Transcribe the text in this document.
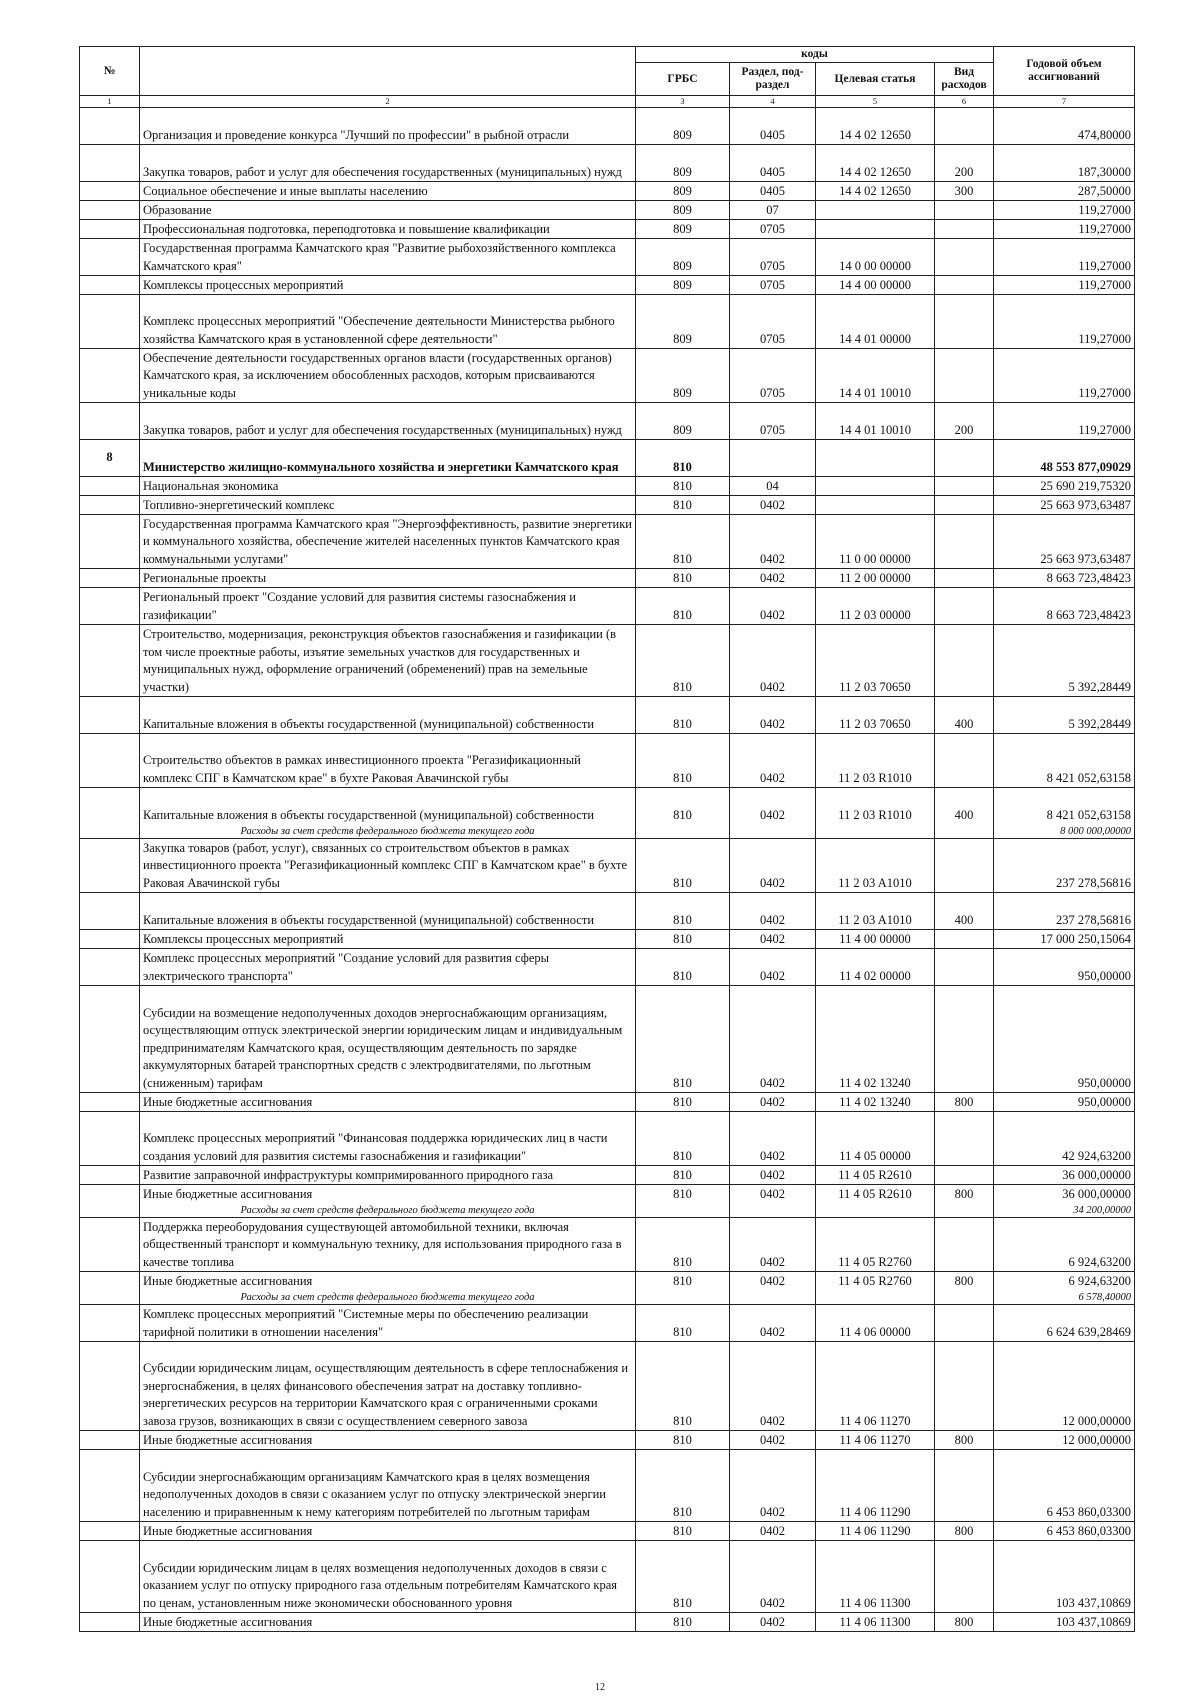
№		коды				Годовой объем ассигнований
		ГРБС	Раздел, под-раздел	Целевая статья	Вид расходов	
1	2	3	4	5	6	7
	Организация и проведение конкурса "Лучший по профессии" в рыбной отрасли	809	0405	14 4 02 12650		474,80000
	Закупка товаров, работ и услуг для обеспечения государственных (муниципальных) нужд	809	0405	14 4 02 12650	200	187,30000
	Социальное обеспечение и иные выплаты населению	809	0405	14 4 02 12650	300	287,50000
	Образование	809	07			119,27000
	Профессиональная подготовка, переподготовка и повышение квалификации	809	0705			119,27000
	Государственная программа Камчатского края "Развитие рыбохозяйственного комплекса Камчатского края"	809	0705	14 0 00 00000		119,27000
	Комплексы процессных мероприятий	809	0705	14 4 00 00000		119,27000
	Комплекс процессных мероприятий "Обеспечение деятельности Министерства рыбного хозяйства Камчатского края в установленной сфере деятельности"	809	0705	14 4 01 00000		119,27000
	Обеспечение деятельности государственных органов власти (государственных органов) Камчатского края, за исключением обособленных расходов, которым присваиваются уникальные коды	809	0705	14 4 01 10010		119,27000
	Закупка товаров, работ и услуг для обеспечения государственных (муниципальных) нужд	809	0705	14 4 01 10010	200	119,27000
8	Министерство жилищно-коммунального хозяйства и энергетики Камчатского края	810				48 553 877,09029
	Национальная экономика	810	04			25 690 219,75320
	Топливно-энергетический комплекс	810	0402			25 663 973,63487
	Государственная программа Камчатского края "Энергоэффективность, развитие энергетики и коммунального хозяйства, обеспечение жителей населенных пунктов Камчатского края коммунальными услугами"	810	0402	11 0 00 00000		25 663 973,63487
	Региональные проекты	810	0402	11 2 00 00000		8 663 723,48423
	Региональный проект "Создание условий для развития системы газоснабжения и газификации"	810	0402	11 2 03 00000		8 663 723,48423
	Строительство, модернизация, реконструкция объектов газоснабжения и газификации (в том числе проектные работы, изъятие земельных участков для государственных и муниципальных нужд, оформление ограничений (обременений) прав на земельные участки)	810	0402	11 2 03 70650		5 392,28449
	Капитальные вложения в объекты государственной (муниципальной) собственности	810	0402	11 2 03 70650	400	5 392,28449
	Строительство объектов в рамках инвестиционного проекта "Регазификационный комплекс СПГ в Камчатском крае" в бухте Раковая Авачинской губы	810	0402	11 2 03 R1010		8 421 052,63158
	Капитальные вложения в объекты государственной (муниципальной) собственности	810	0402	11 2 03 R1010	400	8 421 052,63158
	Расходы за счет средств федерального бюджета текущего года					8 000 000,00000
	Закупка товаров (работ, услуг), связанных со строительством объектов в рамках инвестиционного проекта "Регазификационный комплекс СПГ в Камчатском крае" в бухте Раковая Авачинской губы	810	0402	11 2 03 A1010		237 278,56816
	Капитальные вложения в объекты государственной (муниципальной) собственности	810	0402	11 2 03 A1010	400	237 278,56816
	Комплексы процессных мероприятий	810	0402	11 4 00 00000		17 000 250,15064
	Комплекс процессных мероприятий "Создание условий для развития сферы электрического транспорта"	810	0402	11 4 02 00000		950,00000
	Субсидии на возмещение недополученных доходов энергоснабжающим организациям, осуществляющим отпуск электрической энергии юридическим лицам и индивидуальным предпринимателям Камчатского края, осуществляющим деятельность по зарядке аккумуляторных батарей транспортных средств с электродвигателями, по льготным (сниженным) тарифам	810	0402	11 4 02 13240		950,00000
	Иные бюджетные ассигнования	810	0402	11 4 02 13240	800	950,00000
	Комплекс процессных мероприятий "Финансовая поддержка юридических лиц в части создания условий для развития системы газоснабжения и газификации"	810	0402	11 4 05 00000		42 924,63200
	Развитие заправочной инфраструктуры компримированного природного газа	810	0402	11 4 05 R2610		36 000,00000
	Иные бюджетные ассигнования	810	0402	11 4 05 R2610	800	36 000,00000
	Расходы за счет средств федерального бюджета текущего года					34 200,00000
	Поддержка переоборудования существующей автомобильной техники, включая общественный транспорт и коммунальную технику, для использования природного газа в качестве топлива	810	0402	11 4 05 R2760		6 924,63200
	Иные бюджетные ассигнования	810	0402	11 4 05 R2760	800	6 924,63200
	Расходы за счет средств федерального бюджета текущего года					6 578,40000
	Комплекс процессных мероприятий "Системные меры по обеспечению реализации тарифной политики в отношении населения"	810	0402	11 4 06 00000		6 624 639,28469
	Субсидии юридическим лицам, осуществляющим деятельность в сфере теплоснабжения и энергоснабжения, в целях финансового обеспечения затрат на доставку топливно-энергетических ресурсов на территории Камчатского края с ограниченными сроками завоза грузов, возникающих в связи с осуществлением северного завоза	810	0402	11 4 06 11270		12 000,00000
	Иные бюджетные ассигнования	810	0402	11 4 06 11270	800	12 000,00000
	Субсидии энергоснабжающим организациям Камчатского края в целях возмещения недополученных доходов в связи с оказанием услуг по отпуску электрической энергии населению и приравненным к нему категориям потребителей по льготным тарифам	810	0402	11 4 06 11290		6 453 860,03300
	Иные бюджетные ассигнования	810	0402	11 4 06 11290	800	6 453 860,03300
	Субсидии юридическим лицам в целях возмещения недополученных доходов в связи с оказанием услуг по отпуску природного газа отдельным потребителям Камчатского края по ценам, установленным ниже экономически обоснованного уровня	810	0402	11 4 06 11300		103 437,10869
	Иные бюджетные ассигнования	810	0402	11 4 06 11300	800	103 437,10869
12
